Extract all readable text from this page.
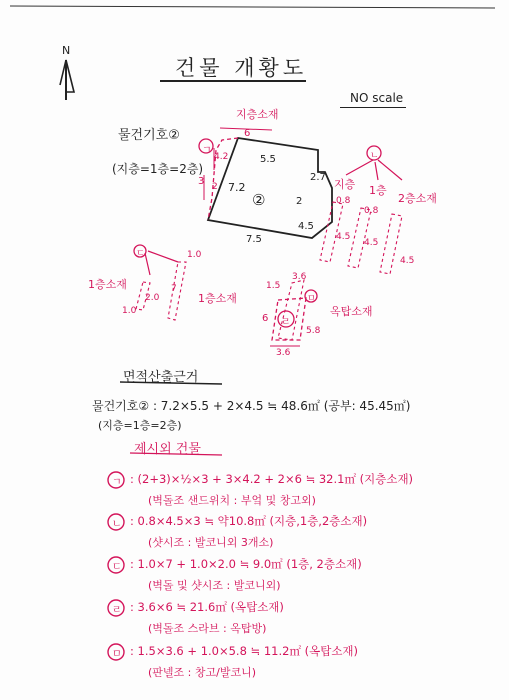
N
건물 개황도
NO scale
물건기호②
(지층=1층=2층)
②
5.5
2.7
7.2
2
4.5
7.5
지층소재
ㄱ
6
4.2
3 2
ㄴ
지층 1층
2층소재
0.8
0.8
4.5
4.5
4.5
ㄷ	1.0
1층소재
2.0
7
1층소재
1.0
3.6
1.5
ㅁ
옥탑소재
6 ㄹ
5.8
3.6
면적산출근거
물건기호② : 7.2×5.5 + 2×4.5 ≒ 48.6㎡ (공부: 45.45㎡)
(지층=1층=2층)
제시외 건물
ㄱ : (2+3)×½×3 + 3×4.2 + 2×6 ≒ 32.1㎡ (지층소재)
(벽돌조 샌드위치 : 부엌 및 창고외)
ㄴ : 0.8×4.5×3 ≒ 약10.8㎡ (지층,1층,2층소재)
(샷시조 : 발코니외 3개소)
ㄷ : 1.0×7 + 1.0×2.0 ≒ 9.0㎡ (1층, 2층소재)
(벽돌 및 샷시조 : 발코니외)
ㄹ : 3.6×6 ≒ 21.6㎡ (옥탑소재)
(벽돌조 스라브 : 옥탑방)
ㅁ : 1.5×3.6 + 1.0×5.8 ≒ 11.2㎡ (옥탑소재)
(판넬조 : 창고/발코니)
